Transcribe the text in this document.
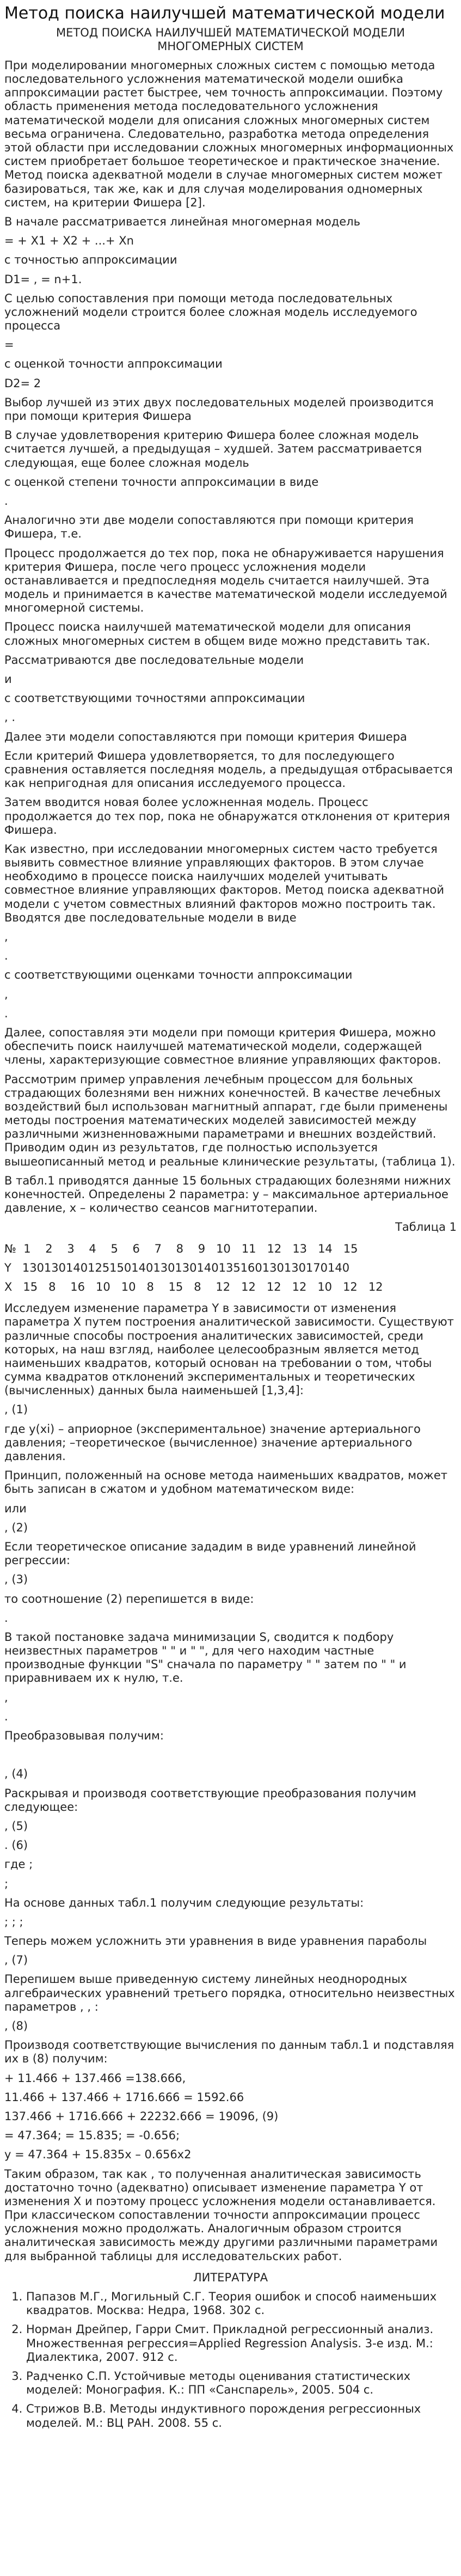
Метод поиска наилучшей математической модели

МЕТОД ПОИСКА НАИЛУЧШЕЙ МАТЕМАТИЧЕСКОЙ МОДЕЛИ

МНОГОМЕРНЫХ СИСТЕМ

При моделировании многомерных сложных систем с помощью метода последовательного усложнения математической модели ошибка аппроксимации растет быстрее, чем точность аппроксимации. Поэтому область применения метода последовательного усложнения математической модели для описания сложных многомерных систем весьма ограничена. Следовательно, разработка метода определения этой области при исследовании сложных многомерных информационных систем приобретает большое теоретическое и практическое значение. Метод поиска адекватной модели в случае многомерных систем может базироваться, так же, как и для случая моделирования одномерных систем, на критерии Фишера [2].

В начале рассматривается линейная многомерная модель

= + X1 + X2 + ...+ Xn

с точностью аппроксимации

D1= , = n+1.

С целью сопоставления при помощи метода последовательных усложнений модели строится более сложная модель исследуемого процесса

=

с оценкой точности аппроксимации

D2= 2

Выбор лучшей из этих двух последовательных моделей производится при помощи критерия Фишера

В случае удовлетворения критерию Фишера более сложная модель считается лучшей, а предыдущая – худшей. Затем рассматривается следующая, еще более сложная модель

с оценкой степени точности аппроксимации в виде

.

Аналогично эти две модели сопоставляются при помощи критерия Фишера, т.е.

Процесс продолжается до тех пор, пока не обнаруживается нарушения критерия Фишера, после чего процесс усложнения модели останавливается и предпоследняя модель считается наилучшей. Эта модель и принимается в качестве математической модели исследуемой многомерной системы.

Процесс поиска наилучшей математической модели для описания сложных многомерных систем в общем виде можно представить так.

Рассматриваются две последовательные модели

и

с соответствующими точностями аппроксимации

, .

Далее эти модели сопоставляются при помощи критерия Фишера

Если критерий Фишера удовлетворяется, то для последующего сравнения оставляется последняя модель, а предыдущая отбрасывается как непригодная для описания исследуемого процесса.

Затем вводится новая более усложненная модель. Процесс продолжается до тех пор, пока не обнаружатся отклонения от критерия Фишера.

Как известно, при исследовании многомерных систем часто требуется выявить совместное влияние управляющих факторов. В этом случае необходимо в процессе поиска наилучших моделей учитывать совместное влияние управляющих факторов. Метод поиска адекватной модели с учетом совместных влияний факторов можно построить так. Вводятся две последовательные модели в виде

,

.

с соответствующими оценками точности аппроксимации

,

.

Далее, сопоставляя эти модели при помощи критерия Фишера, можно обеспечить поиск наилучшей математической модели, содержащей члены, характеризующие совместное влияние управляющих факторов.

Рассмотрим пример управления лечебным процессом для больных страдающих болезнями вен нижних конечностей. В качестве лечебных воздействий был использован магнитный аппарат, где были применены методы построения математических моделей зависимостей между различными жизненноважными параметрами и внешних воздействий. Приводим один из результатов, где полностью используется вышеописанный метод и реальные клинические результаты, (таблица 1).

В табл.1 приводятся данные 15 больных страдающих болезнями нижних конечностей. Определены 2 параметра: y – максимальное артериальное давление, x – количество сеансов магнитотерапии.

Таблица 1

№  1    2    3    4    5    6    7    8    9   10   11   12   13   14   15
Y   130130140125150140130130140135160130130170140
X   15   8    16   10   10   8    15   8    12   12   12   12   10   12   12

Исследуем изменение параметра Y в зависимости от изменения параметра X путем построения аналитической зависимости. Существуют различные способы построения аналитических зависимостей, среди которых, на наш взгляд, наиболее целесообразным является метод наименьших квадратов, который основан на требовании о том, чтобы сумма квадратов отклонений экспериментальных и теоретических (вычисленных) данных была наименьшей [1,3,4]:

, (1)

где y(xi) – априорное (экспериментальное) значение артериального давления; –теоретическое (вычисленное) значение артериального давления.

Принцип, положенный на основе метода наименьших квадратов, может быть записан в сжатом и удобном математическом виде:

или

, (2)

Если теоретическое описание зададим в виде уравнений линейной регрессии:

, (3)

то соотношение (2) перепишется в виде:

.

В такой постановке задача минимизации S, сводится к подбору неизвестных параметров " " и " ", для чего находим частные производные функции "S" сначала по параметру " " затем по " " и приравниваем их к нулю, т.е.

,

.

Преобразовывая получим:

, (4)

Раскрывая и производя соответствующие преобразования получим следующее:

, (5)

. (6)

где ;

;

На основе данных табл.1 получим следующие результаты:

; ; ;

Теперь можем усложнить эти уравнения в виде уравнения параболы

, (7)

Перепишем выше приведенную систему линейных неоднородных алгебраических уравнений третьего порядка, относительно неизвестных параметров , , :

, (8)

Производя соответствующие вычисления по данным табл.1 и подставляя их в (8) получим:

+ 11.466 + 137.466 =138.666,

11.466 + 137.466 + 1716.666 = 1592.66

137.466 + 1716.666 + 22232.666 = 19096, (9)

= 47.364; = 15.835; = -0.656;

y = 47.364 + 15.835x – 0.656x2

Таким образом, так как , то полученная аналитическая зависимость достаточно точно (адекватно) описывает изменение параметра Y от изменения X и поэтому процесс усложнения модели останавливается. При классическом сопоставлении точности аппроксимации процесс усложнения можно продолжать. Аналогичным образом строится аналитическая зависимость между другими различными параметрами для выбранной таблицы для исследовательских работ.

ЛИТЕРАТУРА

1. Папазов М.Г., Могильный С.Г. Теория ошибок и способ наименьших квадратов. Москва: Недра, 1968. 302 с.
2. Норман Дрейпер, Гарри Смит. Прикладной регрессионный анализ. Множественная регрессия=Applied Regression Analysis. 3-е изд. М.: Диалектика, 2007. 912 с.
3. Радченко С.П. Устойчивые методы оценивания статистических моделей: Монография. К.: ПП «Санспарель», 2005. 504 с.
4. Стрижов В.В. Методы индуктивного порождения регрессионных моделей. М.: ВЦ РАН. 2008. 55 с.
